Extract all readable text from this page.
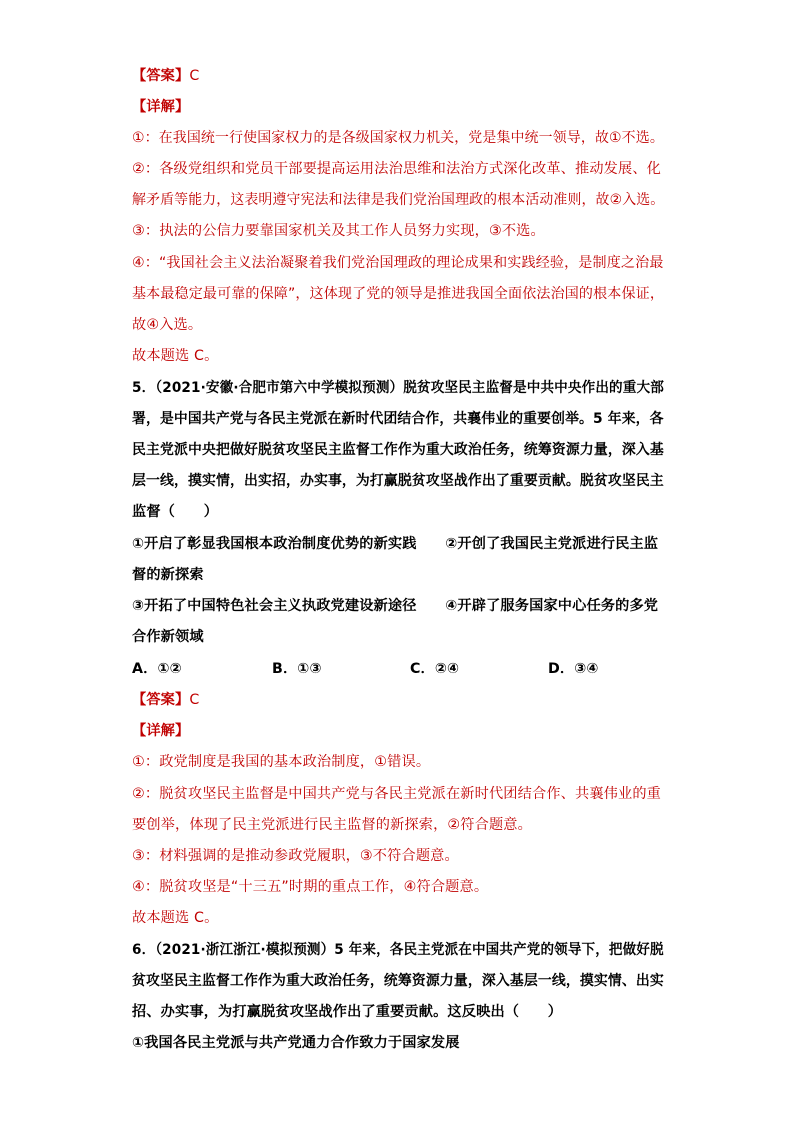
【答案】C
【详解】
①：在我国统一行使国家权力的是各级国家权力机关，党是集中统一领导，故①不选。
②：各级党组织和党员干部要提高运用法治思维和法治方式深化改革、推动发展、化
解矛盾等能力，这表明遵守宪法和法律是我们党治国理政的根本活动准则，故②入选。
③：执法的公信力要靠国家机关及其工作人员努力实现，③不选。
④：“我国社会主义法治凝聚着我们党治国理政的理论成果和实践经验，是制度之治最
基本最稳定最可靠的保障”，这体现了党的领导是推进我国全面依法治国的根本保证，
故④入选。
故本题选 C。
5．（2021·安徽·合肥市第六中学模拟预测）脱贫攻坚民主监督是中共中央作出的重大部
署，是中国共产党与各民主党派在新时代团结合作，共襄伟业的重要创举。5 年来，各
民主党派中央把做好脱贫攻坚民主监督工作作为重大政治任务，统筹资源力量，深入基
层一线，摸实情，出实招，办实事，为打赢脱贫攻坚战作出了重要贡献。脱贫攻坚民主
监督（　　）
①开启了彰显我国根本政治制度优势的新实践　　②开创了我国民主党派进行民主监
督的新探索
③开拓了中国特色社会主义执政党建设新途径　　④开辟了服务国家中心任务的多党
合作新领域
A．①②	B．①③	C．②④	D．③④
【答案】C
【详解】
①：政党制度是我国的基本政治制度，①错误。
②：脱贫攻坚民主监督是中国共产党与各民主党派在新时代团结合作、共襄伟业的重
要创举，体现了民主党派进行民主监督的新探索，②符合题意。
③：材料强调的是推动参政党履职，③不符合题意。
④：脱贫攻坚是“十三五”时期的重点工作，④符合题意。
故本题选 C。
6．（2021·浙江浙江·模拟预测）5 年来，各民主党派在中国共产党的领导下，把做好脱
贫攻坚民主监督工作作为重大政治任务，统筹资源力量，深入基层一线，摸实情、出实
招、办实事，为打赢脱贫攻坚战作出了重要贡献。这反映出（　　）
①我国各民主党派与共产党通力合作致力于国家发展
